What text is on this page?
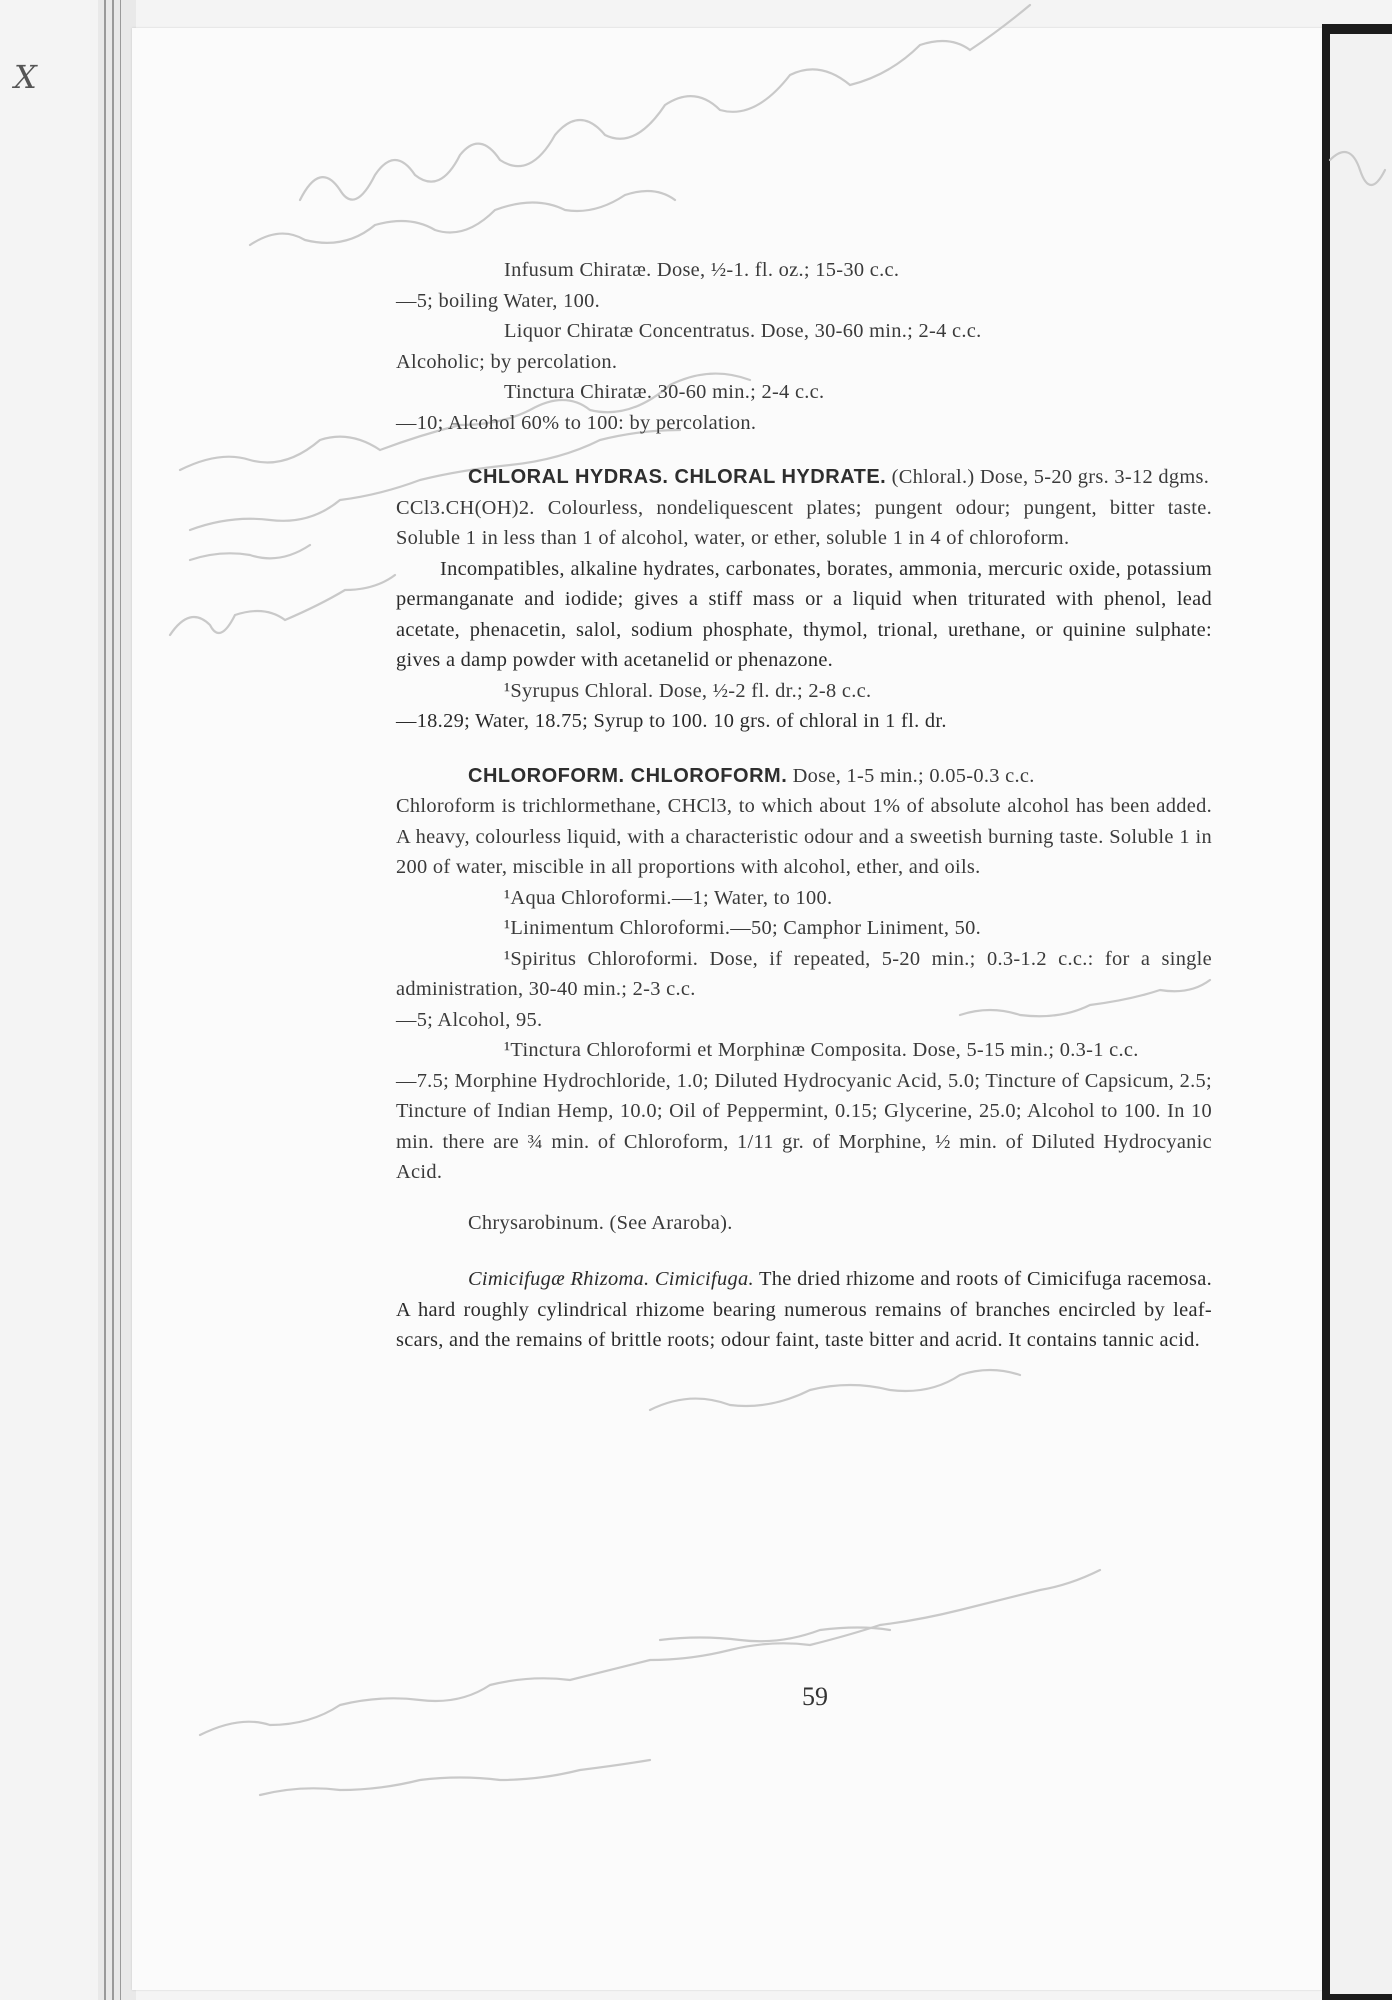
X

Infusum Chiratæ. Dose, ½-1. fl. oz.; 15-30 c.c.

—5; boiling Water, 100.

Liquor Chiratæ Concentratus. Dose, 30-60 min.; 2-4 c.c.

Alcoholic; by percolation.

Tinctura Chiratæ. 30-60 min.; 2-4 c.c.

—10; Alcohol 60% to 100: by percolation.

CHLORAL HYDRAS. CHLORAL HYDRATE. (Chloral.) Dose, 5-20 grs. 3-12 dgms.

CCl3.CH(OH)2. Colourless, nondeliquescent plates; pungent odour; pungent, bitter taste. Soluble 1 in less than 1 of alcohol, water, or ether, soluble 1 in 4 of chloroform.

Incompatibles, alkaline hydrates, carbonates, borates, ammonia, mercuric oxide, potassium permanganate and iodide; gives a stiff mass or a liquid when triturated with phenol, lead acetate, phenacetin, salol, sodium phosphate, thymol, trional, urethane, or quinine sulphate: gives a damp powder with acetanelid or phenazone.

¹Syrupus Chloral. Dose, ½-2 fl. dr.; 2-8 c.c.

—18.29; Water, 18.75; Syrup to 100. 10 grs. of chloral in 1 fl. dr.

CHLOROFORM. CHLOROFORM. Dose, 1-5 min.; 0.05-0.3 c.c.

Chloroform is trichlormethane, CHCl3, to which about 1% of absolute alcohol has been added. A heavy, colourless liquid, with a characteristic odour and a sweetish burning taste. Soluble 1 in 200 of water, miscible in all proportions with alcohol, ether, and oils.

¹Aqua Chloroformi.—1; Water, to 100.

¹Linimentum Chloroformi.—50; Camphor Liniment, 50.

¹Spiritus Chloroformi. Dose, if repeated, 5-20 min.; 0.3-1.2 c.c.: for a single administration, 30-40 min.; 2-3 c.c.

—5; Alcohol, 95.

¹Tinctura Chloroformi et Morphinæ Composita. Dose, 5-15 min.; 0.3-1 c.c.

—7.5; Morphine Hydrochloride, 1.0; Diluted Hydrocyanic Acid, 5.0; Tincture of Capsicum, 2.5; Tincture of Indian Hemp, 10.0; Oil of Peppermint, 0.15; Glycerine, 25.0; Alcohol to 100. In 10 min. there are ¾ min. of Chloroform, 1/11 gr. of Morphine, ½ min. of Diluted Hydrocyanic Acid.

Chrysarobinum. (See Araroba).

Cimicifugæ Rhizoma. Cimicifuga. The dried rhizome and roots of Cimicifuga racemosa. A hard roughly cylindrical rhizome bearing numerous remains of branches encircled by leaf-scars, and the remains of brittle roots; odour faint, taste bitter and acrid. It contains tannic acid.

59
